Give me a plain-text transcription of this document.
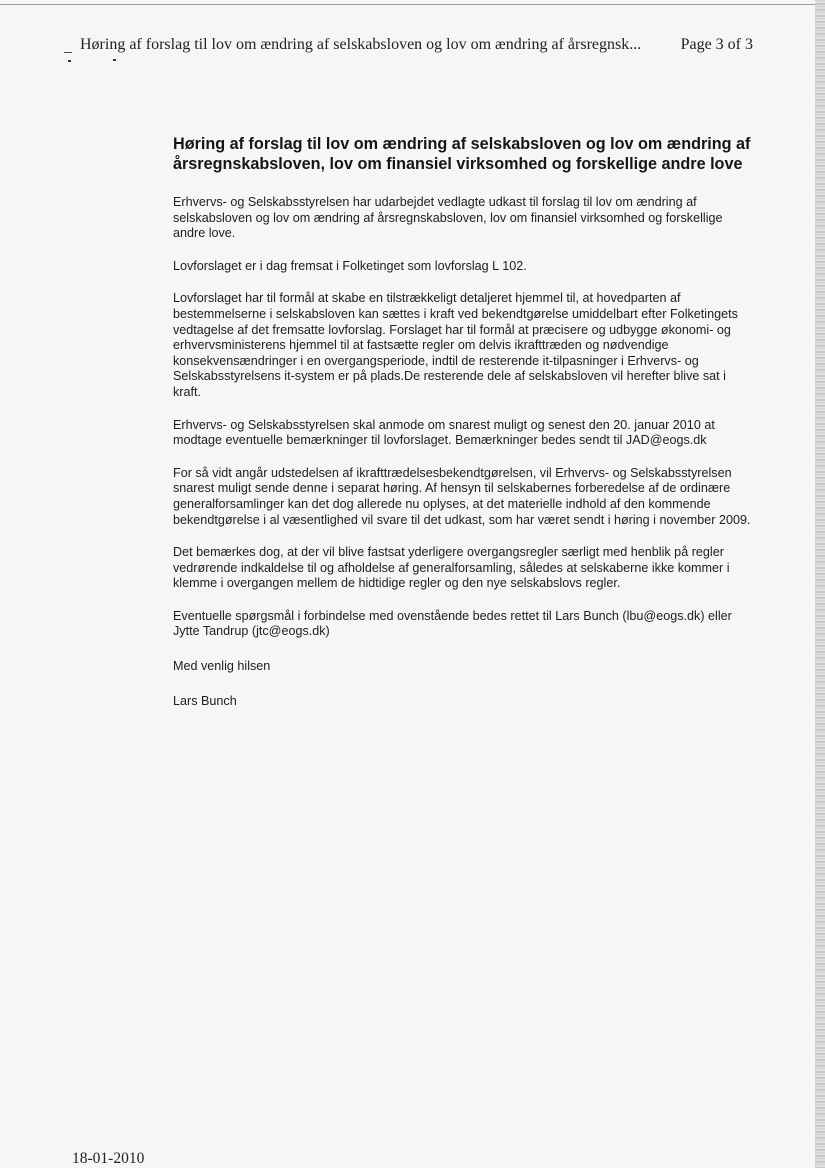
_ Høring af forslag til lov om ændring af selskabsloven og lov om ændring af årsregnsk... Page 3 of 3
Høring af forslag til lov om ændring af selskabsloven og lov om ændring af årsregnskabsloven, lov om finansiel virksomhed og forskellige andre love

Erhvervs- og Selskabsstyrelsen har udarbejdet vedlagte udkast til forslag til lov om ændring af selskabsloven og lov om ændring af årsregnskabsloven, lov om finansiel virksomhed og forskellige andre love.

Lovforslaget er i dag fremsat i Folketinget som lovforslag L 102.

Lovforslaget har til formål at skabe en tilstrækkeligt detaljeret hjemmel til, at hovedparten af bestemmelserne i selskabsloven kan sættes i kraft ved bekendtgørelse umiddelbart efter Folketingets vedtagelse af det fremsatte lovforslag. Forslaget har til formål at præcisere og udbygge økonomi- og erhvervsministerens hjemmel til at fastsætte regler om delvis ikrafttræden og nødvendige konsekvensændringer i en overgangsperiode, indtil de resterende it-tilpasninger i Erhvervs- og Selskabsstyrelsens it-system er på plads.De resterende dele af selskabsloven vil herefter blive sat i kraft.

Erhvervs- og Selskabsstyrelsen skal anmode om snarest muligt og senest den 20. januar 2010 at modtage eventuelle bemærkninger til lovforslaget. Bemærkninger bedes sendt til JAD@eogs.dk

For så vidt angår udstedelsen af ikrafttrædelsesbekendtgørelsen, vil Erhvervs- og Selskabsstyrelsen snarest muligt sende denne i separat høring. Af hensyn til selskabernes forberedelse af de ordinære generalforsamlinger kan det dog allerede nu oplyses, at det materielle indhold af den kommende bekendtgørelse i al væsentlighed vil svare til det udkast, som har været sendt i høring i november 2009.

Det bemærkes dog, at der vil blive fastsat yderligere overgangsregler særligt med henblik på regler vedrørende indkaldelse til og afholdelse af generalforsamling, således at selskaberne ikke kommer i klemme i overgangen mellem de hidtidige regler og den nye selskabslovs regler.

Eventuelle spørgsmål i forbindelse med ovenstående bedes rettet til Lars Bunch (lbu@eogs.dk) eller Jytte Tandrup (jtc@eogs.dk)

Med venlig hilsen

Lars Bunch

18-01-2010
